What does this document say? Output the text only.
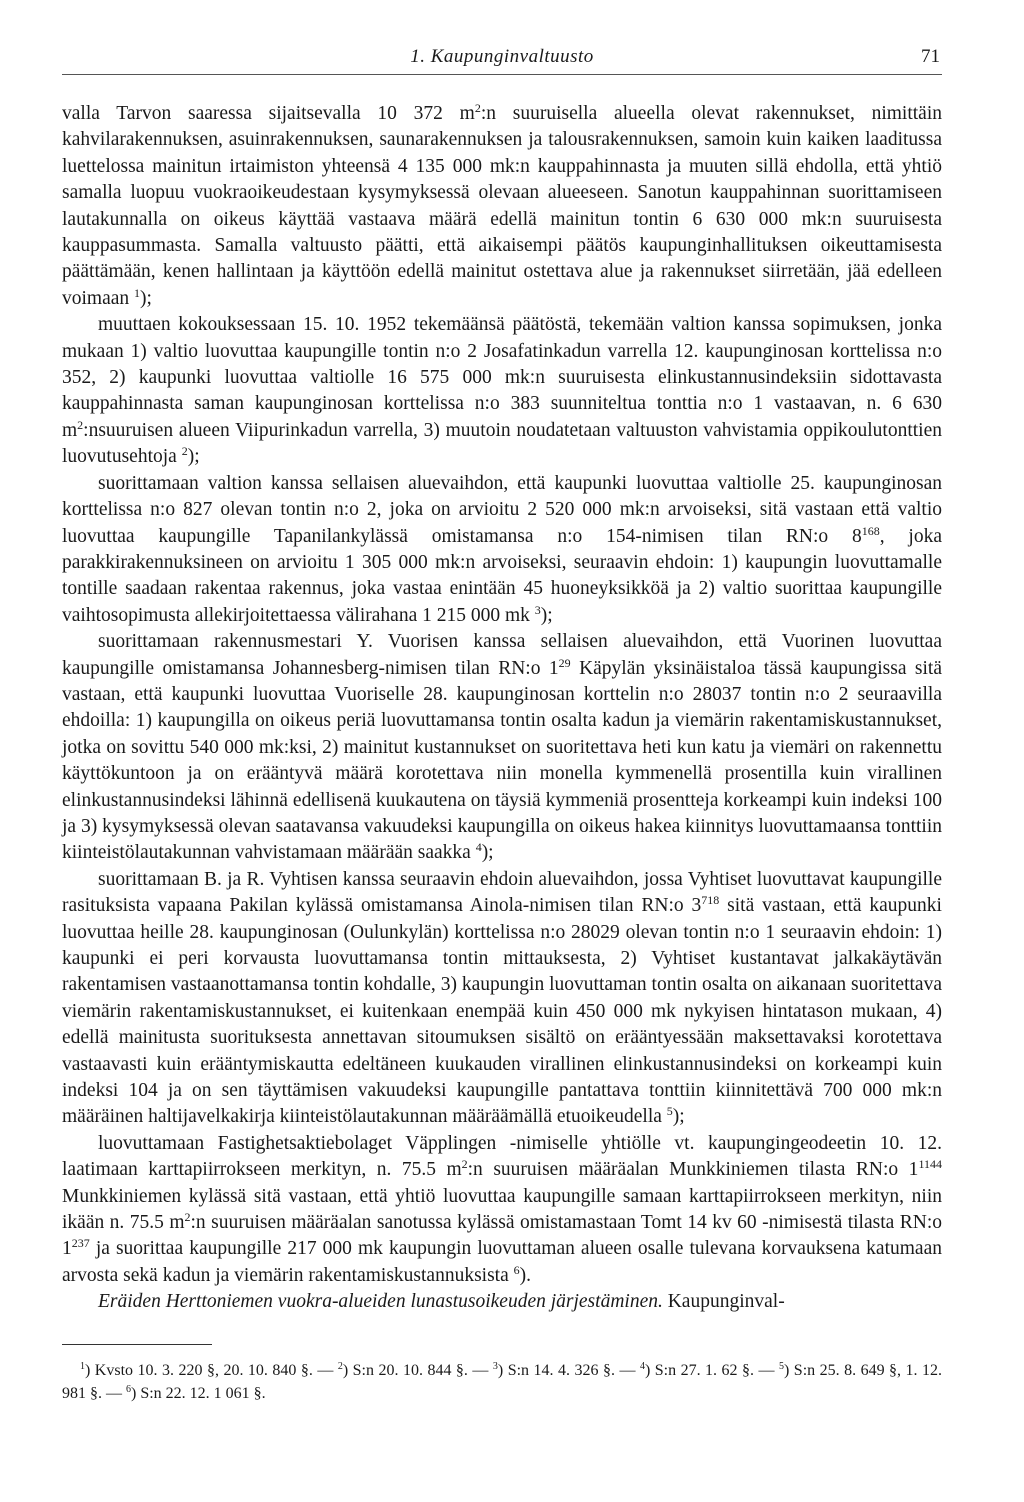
1. Kaupunginvaltuusto	71

valla Tarvon saaressa sijaitsevalla 10 372 $m^2:n$ suuruisella alueella olevat rakennukset, nimittäin kahvilarakennuksen, asuinrakennuksen, saunarakennuksen ja talousrakennuksen, samoin kuin kaiken laaditussa luettelossa mainitun irtaimiston yhteensä 4 135 000 mk:n kauppahinnasta ja muuten sillä ehdolla, että yhtiö samalla luopuu vuokraoikeudestaan kysymyksessä olevaan alueeseen. Sanotun kauppahinnan suorittamiseen lautakunnalla on oikeus käyttää vastaava määrä edellä mainitun tontin 6 630 000 mk:n suuruisesta kauppasummasta. Samalla valtuusto päätti, että aikaisempi päätös kaupunginhallituksen oikeuttamisesta päättämään, kenen hallintaan ja käyttöön edellä mainitut ostettava alue ja rakennukset siirretään, jää edelleen voimaan $^1$);

muuttaen kokouksessaan 15. 10. 1952 tekemäänsä päätöstä, tekemään valtion kanssa sopimuksen, jonka mukaan 1) valtio luovuttaa kaupungille tontin n:o 2 Josafatinkadun varrella 12. kaupunginosan korttelissa n:o 352, 2) kaupunki luovuttaa valtiolle 16 575 000 mk:n suuruisesta elinkustannusindeksiin sidottavasta kauppahinnasta saman kaupunginosan korttelissa n:o 383 suunniteltua tonttia n:o 1 vastaavan, n. 6 630 $m^2:nsuuruisen$ alueen Viipurinkadun varrella, 3) muutoin noudatetaan valtuuston vahvistamia oppikoulutonttien luovutusehtoja $^2$);

suorittamaan valtion kanssa sellaisen aluevaihdon, että kaupunki luovuttaa valtiolle 25. kaupunginosan korttelissa n:o 827 olevan tontin n:o 2, joka on arvioitu 2 520 000 mk:n arvoiseksi, sitä vastaan että valtio luovuttaa kaupungille Tapanilankylässä omistamansa n:o 154-nimisen tilan RN:o $8^{168}$, joka parakkirakennuksineen on arvioitu 1 305 000 mk:n arvoiseksi, seuraavin ehdoin: 1) kaupungin luovuttamalle tontille saadaan rakentaa rakennus, joka vastaa enintään 45 huoneyksikköä ja 2) valtio suorittaa kaupungille vaihtosopimusta allekirjoitettaessa välirahana 1 215 000 mk $^3$);

suorittamaan rakennusmestari Y. Vuorisen kanssa sellaisen aluevaihdon, että Vuorinen luovuttaa kaupungille omistamansa Johannesberg-nimisen tilan RN:o $1^{29}$ Käpylän yksinäistaloa tässä kaupungissa sitä vastaan, että kaupunki luovuttaa Vuoriselle 28. kaupunginosan korttelin n:o 28037 tontin n:o 2 seuraavilla ehdoilla: 1) kaupungilla on oikeus periä luovuttamansa tontin osalta kadun ja viemärin rakentamiskustannukset, jotka on sovittu 540 000 mk:ksi, 2) mainitut kustannukset on suoritettava heti kun katu ja viemäri on rakennettu käyttökuntoon ja on erääntyvä määrä korotettava niin monella kymmenellä prosentilla kuin virallinen elinkustannusindeksi lähinnä edellisenä kuukautena on täysiä kymmeniä prosentteja korkeampi kuin indeksi 100 ja 3) kysymyksessä olevan saatavansa vakuudeksi kaupungilla on oikeus hakea kiinnitys luovuttamaansa tonttiin kiinteistölautakunnan vahvistamaan määrään saakka $^4$);

suorittamaan B. ja R. Vyhtisen kanssa seuraavin ehdoin aluevaihdon, jossa Vyhtiset luovuttavat kaupungille rasituksista vapaana Pakilan kylässä omistamansa Ainola-nimisen tilan RN:o $3^{718}$ sitä vastaan, että kaupunki luovuttaa heille 28. kaupunginosan (Oulunkylän) korttelissa n:o 28029 olevan tontin n:o 1 seuraavin ehdoin: 1) kaupunki ei peri korvausta luovuttamansa tontin mittauksesta, 2) Vyhtiset kustantavat jalkakäytävän rakentamisen vastaanottamansa tontin kohdalle, 3) kaupungin luovuttaman tontin osalta on aikanaan suoritettava viemärin rakentamiskustannukset, ei kuitenkaan enempää kuin 450 000 mk nykyisen hintatason mukaan, 4) edellä mainitusta suorituksesta annettavan sitoumuksen sisältö on erääntyessään maksettavaksi korotettava vastaavasti kuin erääntymiskautta edeltäneen kuukauden virallinen elinkustannusindeksi on korkeampi kuin indeksi 104 ja on sen täyttämisen vakuudeksi kaupungille pantattava tonttiin kiinnitettävä 700 000 mk:n määräinen haltijavelkakirja kiinteistölautakunnan määräämällä etuoikeudella $^5$);

luovuttamaan Fastighetsaktiebolaget Väpplingen -nimiselle yhtiölle vt. kaupungingeodeetin 10. 12. laatimaan karttapiirrokseen merkityn, n. 75.5 $m^2:n$ suuruisen määräalan Munkkiniemen tilasta RN:o $1^{1144}$ Munkkiniemen kylässä sitä vastaan, että yhtiö luovuttaa kaupungille samaan karttapiirrokseen merkityn, niin ikään n. 75.5 $m^2:n$ suuruisen määräalan sanotussa kylässä omistamastaan Tomt 14 kv 60 -nimisestä tilasta RN:o $1^{237}$ ja suorittaa kaupungille 217 000 mk kaupungin luovuttaman alueen osalle tulevana korvauksena katumaan arvosta sekä kadun ja viemärin rakentamiskustannuksista $^6$).

Eräiden Herttoniemen vuokra-alueiden lunastusoikeuden järjestäminen. Kaupunginval-

$^1$) Kvsto 10. 3. 220 §, 20. 10. 840 §. — $^2$) S:n 20. 10. 844 §. — $^3$) S:n 14. 4. 326 §. — $^4$) S:n 27. 1. 62 §. — $^5$) S:n 25. 8. 649 §, 1. 12. 981 §. — $^6$) S:n 22. 12. 1 061 §.
